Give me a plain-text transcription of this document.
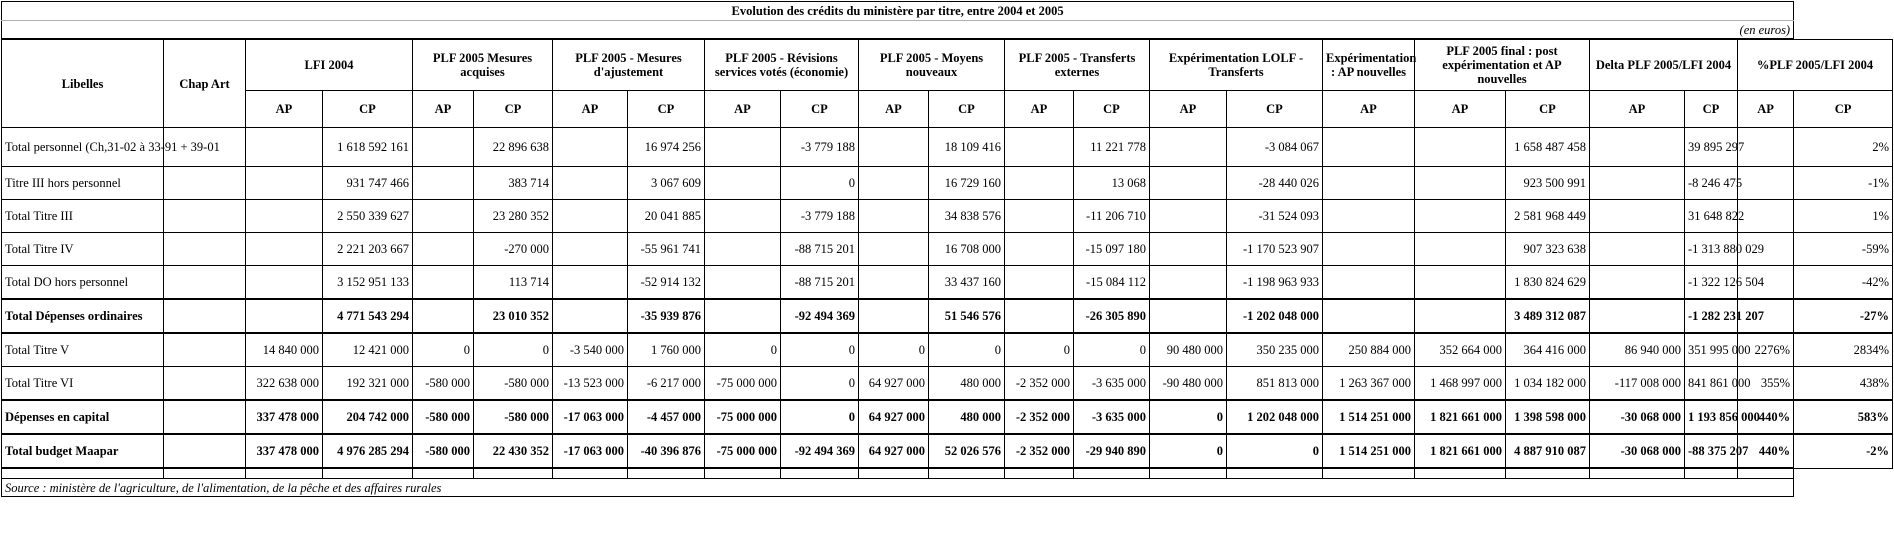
Evolution des crédits du ministère par titre, entre 2004 et 2005																						
(en euros)																						
Libelles	Chap Art	LFI 2004		PLF 2005 Mesures acquises		PLF 2005 - Mesures d'ajustement		PLF 2005 - Révisions services votés (économie)		PLF 2005 - Moyens nouveaux		PLF 2005 - Transferts externes		Expérimentation LOLF - Transferts		Expérimentation : AP nouvelles	PLF 2005 final : post expérimentation et AP nouvelles		Delta PLF 2005/LFI 2004		%PLF 2005/LFI 2004	
		AP	CP	AP	CP	AP	CP	AP	CP	AP	CP	AP	CP	AP	CP	AP	AP	CP	AP	CP	AP	CP
Total personnel (Ch,31-02 à 33-91 + 39-01			1 618 592 161		22 896 638		16 974 256		-3 779 188		18 109 416		11 221 778		-3 084 067			1 658 487 458		39 895 297		2%
Titre III hors personnel			931 747 466		383 714		3 067 609		0		16 729 160		13 068		-28 440 026			923 500 991		-8 246 475		-1%
Total Titre III			2 550 339 627		23 280 352		20 041 885		-3 779 188		34 838 576		-11 206 710		-31 524 093			2 581 968 449		31 648 822		1%
Total Titre IV			2 221 203 667		-270 000		-55 961 741		-88 715 201		16 708 000		-15 097 180		-1 170 523 907			907 323 638		-1 313 880 029		-59%
Total DO hors personnel			3 152 951 133		113 714		-52 914 132		-88 715 201		33 437 160		-15 084 112		-1 198 963 933			1 830 824 629		-1 322 126 504		-42%
Total Dépenses ordinaires			4 771 543 294		23 010 352		-35 939 876		-92 494 369		51 546 576		-26 305 890		-1 202 048 000			3 489 312 087		-1 282 231 207		-27%
Total Titre V		14 840 000	12 421 000	0	0	-3 540 000	1 760 000	0	0	0	0	0	0	90 480 000	350 235 000	250 884 000	352 664 000	364 416 000	86 940 000	351 995 000	2276%	2834%
Total Titre VI		322 638 000	192 321 000	-580 000	-580 000	-13 523 000	-6 217 000	-75 000 000	0	64 927 000	480 000	-2 352 000	-3 635 000	-90 480 000	851 813 000	1 263 367 000	1 468 997 000	1 034 182 000	-117 008 000	841 861 000	355%	438%
Dépenses en capital		337 478 000	204 742 000	-580 000	-580 000	-17 063 000	-4 457 000	-75 000 000	0	64 927 000	480 000	-2 352 000	-3 635 000	0	1 202 048 000	1 514 251 000	1 821 661 000	1 398 598 000	-30 068 000	1 193 856 000	440%	583%
Total budget Maapar		337 478 000	4 976 285 294	-580 000	22 430 352	-17 063 000	-40 396 876	-75 000 000	-92 494 369	64 927 000	52 026 576	-2 352 000	-29 940 890	0	0	1 514 251 000	1 821 661 000	4 887 910 087	-30 068 000	-88 375 207	440%	-2%

Source : ministère de l'agriculture, de l'alimentation, de la pêche et des affaires rurales																						
